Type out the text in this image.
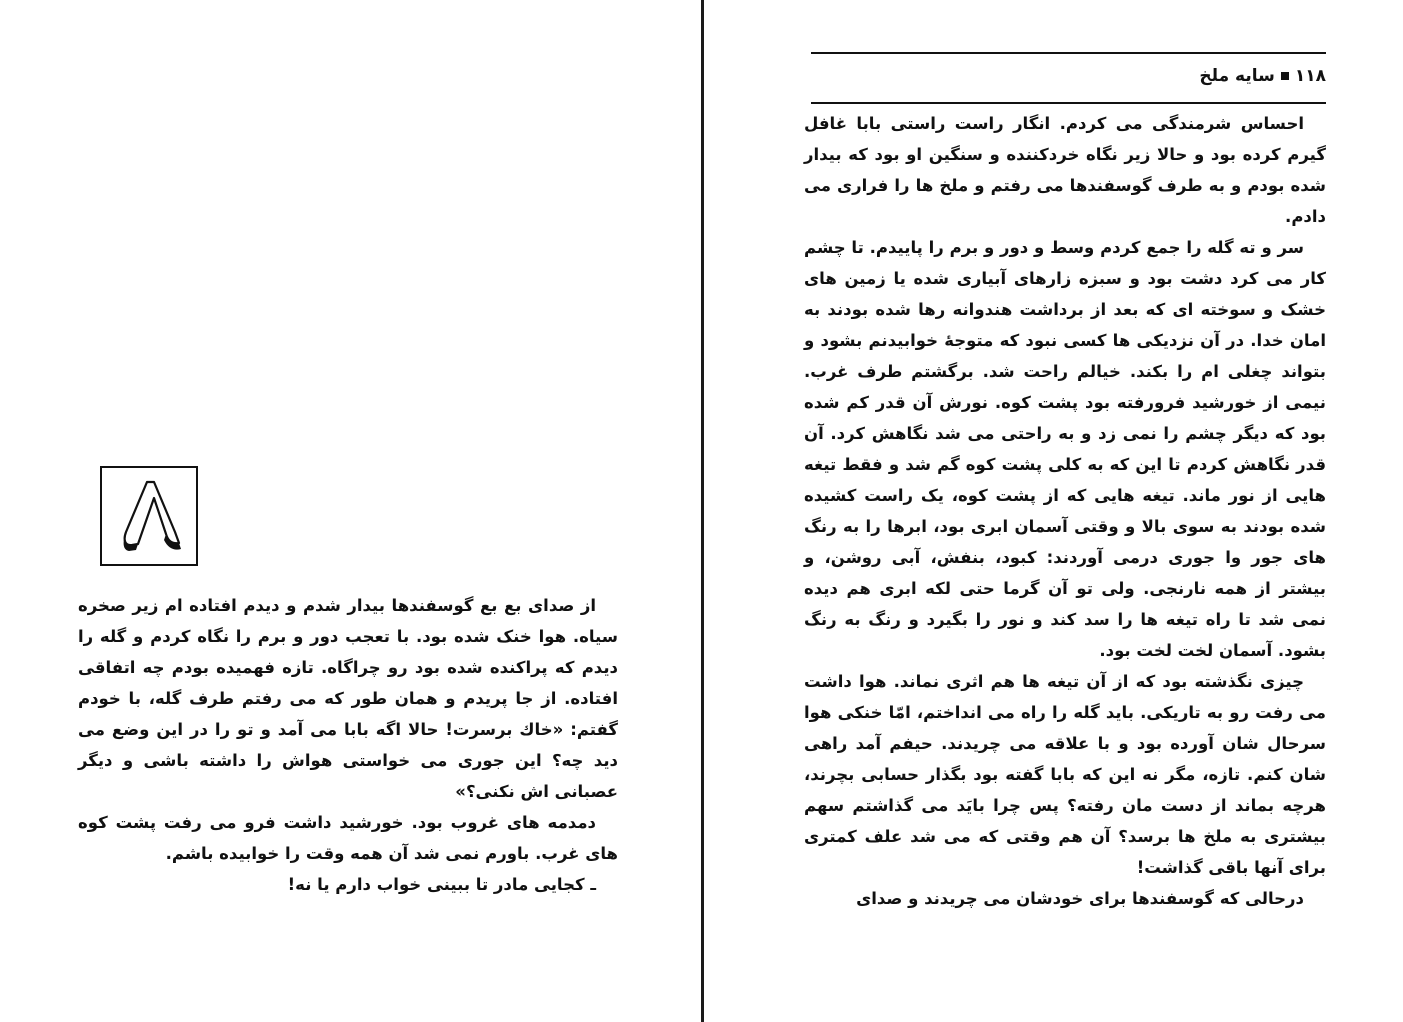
از صدای بع بع گوسفندها بیدار شدم و دیدم افتاده ام زیر صخره سیاه. هوا خنک شده بود. با تعجب دور و برم را نگاه کردم و گله را دیدم که پراکنده شده بود رو چراگاه. تازه فهمیده بودم چه اتفاقی افتاده. از جا پریدم و همان طور که می رفتم طرف گله، با خودم گفتم: «خاك برسرت! حالا اگه بابا می آمد و تو را در این وضع می دید چه؟ این جوری می خواستی هواش را داشته باشی و دیگر عصبانی اش نکنی؟»

دمدمه های غروب بود. خورشید داشت فرو می رفت پشت کوه های غرب. باورم نمی شد آن همه وقت را خوابیده باشم.

ـ کجایی مادر تا ببینی خواب دارم یا نه!

۱۱۸سایه ملخ

احساس شرمندگی می کردم. انگار راست راستی بابا غافل گیرم کرده بود و حالا زیر نگاه خردکننده و سنگین او بود که بیدار شده بودم و به طرف گوسفندها می رفتم و ملخ ها را فراری می دادم.

سر و ته گله را جمع کردم وسط و دور و برم را پاییدم. تا چشم کار می کرد دشت بود و سبزه زارهای آبیاری شده یا زمین های خشک و سوخته ای که بعد از برداشت هندوانه رها شده بودند به امان خدا. در آن نزدیکی ها کسی نبود که متوجهٔ خوابیدنم بشود و بتواند چغلی ام را بکند. خیالم راحت شد. برگشتم طرف غرب. نیمی از خورشید فرورفته بود پشت کوه. نورش آن قدر کم شده بود که دیگر چشم را نمی زد و به راحتی می شد نگاهش کرد. آن قدر نگاهش کردم تا این که به کلی پشت کوه گم شد و فقط تیغه هایی از نور ماند. تیغه هایی که از پشت کوه، یک راست کشیده شده بودند به سوی بالا و وقتی آسمان ابری بود، ابرها را به رنگ های جور وا جوری درمی آوردند: کبود، بنفش، آبی روشن، و بیشتر از همه نارنجی. ولی تو آن گرما حتی لکه ابری هم دیده نمی شد تا راه تیغه ها را سد کند و نور را بگیرد و رنگ به رنگ بشود. آسمان لخت لخت بود.

چیزی نگذشته بود که از آن تیغه ها هم اثری نماند. هوا داشت می رفت رو به تاریکی. باید گله را راه می انداختم، امّا خنکی هوا سرحال شان آورده بود و با علاقه می چریدند. حیفم آمد راهی شان کنم. تازه، مگر نه این که بابا گفته بود بگذار حسابی بچرند، هرچه بماند از دست مان رفته؟ پس چرا بایَد می گذاشتم سهم بیشتری به ملخ ها برسد؟ آن هم وقتی که می شد علف کمتری برای آنها باقی گذاشت!

درحالی که گوسفندها برای خودشان می چریدند و صدای
